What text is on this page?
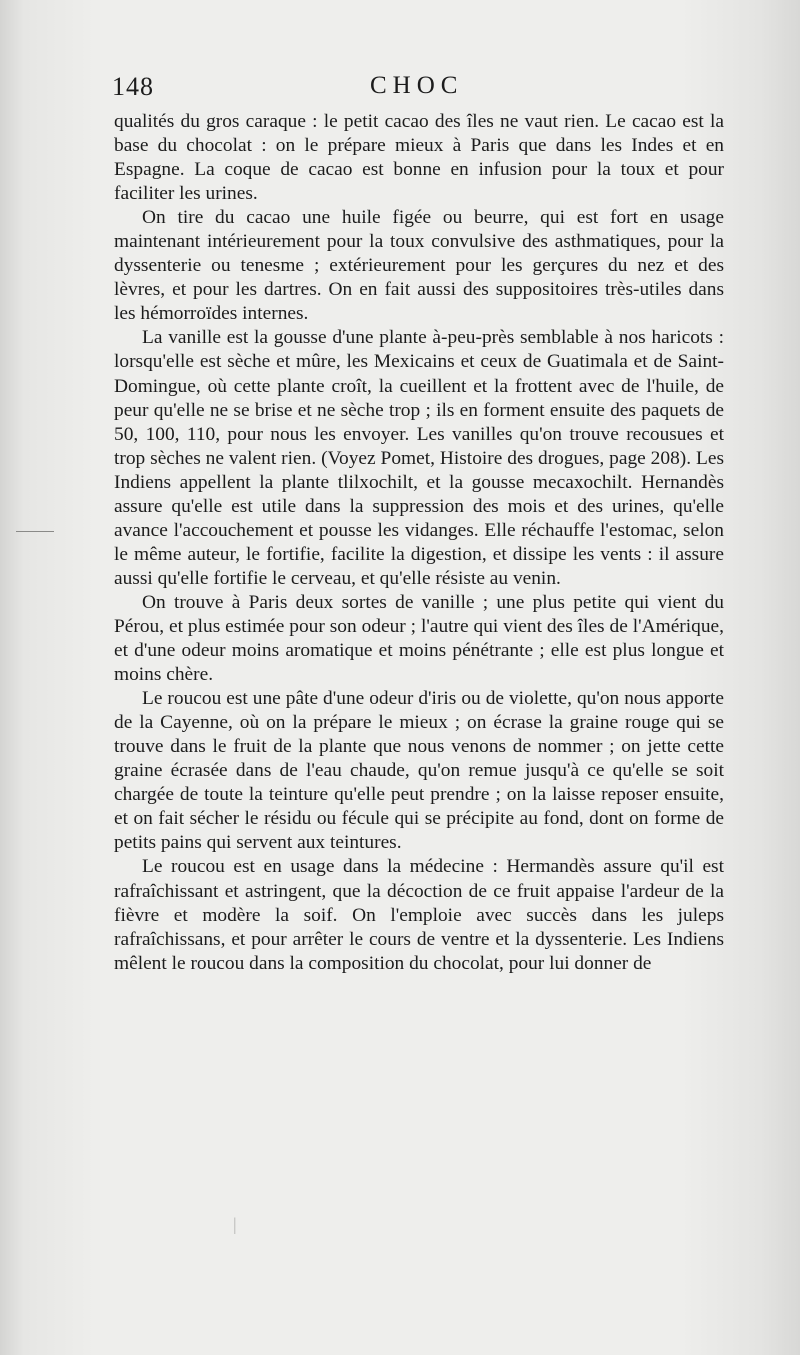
148	CHOC

qualités du gros caraque : le petit cacao des îles ne vaut rien. Le cacao est la base du chocolat : on le prépare mieux à Paris que dans les Indes et en Espagne. La coque de cacao est bonne en infusion pour la toux et pour faciliter les urines.

On tire du cacao une huile figée ou beurre, qui est fort en usage maintenant intérieurement pour la toux convulsive des asthmatiques, pour la dyssenterie ou tenesme ; extérieurement pour les gerçures du nez et des lèvres, et pour les dartres. On en fait aussi des suppositoires très-utiles dans les hémorroïdes internes.

La vanille est la gousse d'une plante à-peu-près semblable à nos haricots : lorsqu'elle est sèche et mûre, les Mexicains et ceux de Guatimala et de Saint-Domingue, où cette plante croît, la cueillent et la frottent avec de l'huile, de peur qu'elle ne se brise et ne sèche trop ; ils en forment ensuite des paquets de 50, 100, 110, pour nous les envoyer. Les vanilles qu'on trouve recousues et trop sèches ne valent rien. (Voyez Pomet, Histoire des drogues, page 208). Les Indiens appellent la plante tlilxochilt, et la gousse mecaxochilt. Hernandès assure qu'elle est utile dans la suppression des mois et des urines, qu'elle avance l'accouchement et pousse les vidanges. Elle réchauffe l'estomac, selon le même auteur, le fortifie, facilite la digestion, et dissipe les vents : il assure aussi qu'elle fortifie le cerveau, et qu'elle résiste au venin.

On trouve à Paris deux sortes de vanille ; une plus petite qui vient du Pérou, et plus estimée pour son odeur ; l'autre qui vient des îles de l'Amérique, et d'une odeur moins aromatique et moins pénétrante ; elle est plus longue et moins chère.

Le roucou est une pâte d'une odeur d'iris ou de violette, qu'on nous apporte de la Cayenne, où on la prépare le mieux ; on écrase la graine rouge qui se trouve dans le fruit de la plante que nous venons de nommer ; on jette cette graine écrasée dans de l'eau chaude, qu'on remue jusqu'à ce qu'elle se soit chargée de toute la teinture qu'elle peut prendre ; on la laisse reposer ensuite, et on fait sécher le résidu ou fécule qui se précipite au fond, dont on forme de petits pains qui servent aux teintures.

Le roucou est en usage dans la médecine : Hermandès assure qu'il est rafraîchissant et astringent, que la décoction de ce fruit appaise l'ardeur de la fièvre et modère la soif. On l'emploie avec succès dans les juleps rafraîchissans, et pour arrêter le cours de ventre et la dyssenterie. Les Indiens mêlent le roucou dans la composition du chocolat, pour lui donner de

|
